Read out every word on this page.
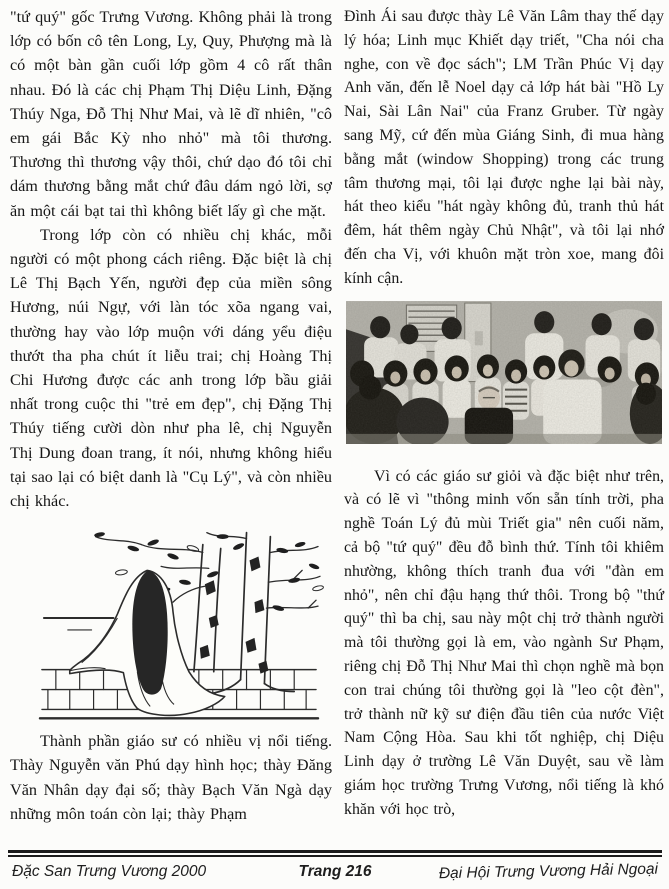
"tứ quý" gốc Trưng Vương. Không phải là trong lớp có bốn cô tên Long, Ly, Quy, Phượng mà là có một bàn gần cuối lớp gồm 4 cô rất thân nhau. Đó là các chị Phạm Thị Diệu Linh, Đặng Thúy Nga, Đỗ Thị Như Mai, và lẽ dĩ nhiên, "cô em gái Bắc Kỳ nho nhỏ" mà tôi thương. Thương thì thương vậy thôi, chứ dạo đó tôi chỉ dám thương bằng mắt chứ đâu dám ngỏ lời, sợ ăn một cái bạt tai thì không biết lấy gì che mặt.

Trong lớp còn có nhiều chị khác, mỗi người có một phong cách riêng. Đặc biệt là chị Lê Thị Bạch Yến, người đẹp của miền sông Hương, núi Ngự, với làn tóc xõa ngang vai, thường hay vào lớp muộn với dáng yểu điệu thướt tha pha chút ít liễu trai; chị Hoàng Thị Chi Hương được các anh trong lớp bầu giải nhất trong cuộc thi "trẻ em đẹp", chị Đặng Thị Thúy tiếng cười dòn như pha lê, chị Nguyễn Thị Dung đoan trang, ít nói, nhưng không hiểu tại sao lại có biệt danh là "Cụ Lý", và còn nhiều chị khác.

Thành phần giáo sư có nhiều vị nổi tiếng. Thày Nguyễn văn Phú dạy hình học; thày Đăng Văn Nhân dạy đại số; thày Bạch Văn Ngà dạy những môn toán còn lại; thày Phạm

Đình Ái sau được thày Lê Văn Lâm thay thế dạy lý hóa; Linh mục Khiết dạy triết, "Cha nói cha nghe, con về đọc sách"; LM Trần Phúc Vị dạy Anh văn, đến lễ Noel dạy cả lớp hát bài "Hồ Ly Nai, Sài Lân Nai" của Franz Gruber. Từ ngày sang Mỹ, cứ đến mùa Giáng Sinh, đi mua hàng bằng mắt (window Shopping) trong các trung tâm thương mại, tôi lại được nghe lại bài này, hát theo kiểu "hát ngày không đủ, tranh thủ hát đêm, hát thêm ngày Chủ Nhật", và tôi lại nhớ đến cha Vị, với khuôn mặt tròn xoe, mang đôi kính cận.

Vì có các giáo sư giỏi và đặc biệt như trên, và có lẽ vì "thông minh vốn sẵn tính trời, pha nghề Toán Lý đủ mùi Triết gia" nên cuối năm, cả bộ "tứ quý" đều đỗ bình thứ. Tính tôi khiêm nhường, không thích tranh đua với "đàn em nhỏ", nên chỉ đậu hạng thứ thôi. Trong bộ "thứ quý" thì ba chị, sau này một chị trở thành người mà tôi thường gọi là em, vào ngành Sư Phạm, riêng chị Đỗ Thị Như Mai thì chọn nghề mà bọn con trai chúng tôi thường gọi là "leo cột đèn", trở thành nữ kỹ sư điện đầu tiên của nước Việt Nam Cộng Hòa. Sau khi tốt nghiệp, chị Diệu Linh dạy ở trường Lê Văn Duyệt, sau về làm giám học trường Trưng Vương, nổi tiếng là khó khăn với học trò,

Đặc San Trưng Vương 2000	Trang 216	Đại Hội Trưng Vương Hải Ngoại
